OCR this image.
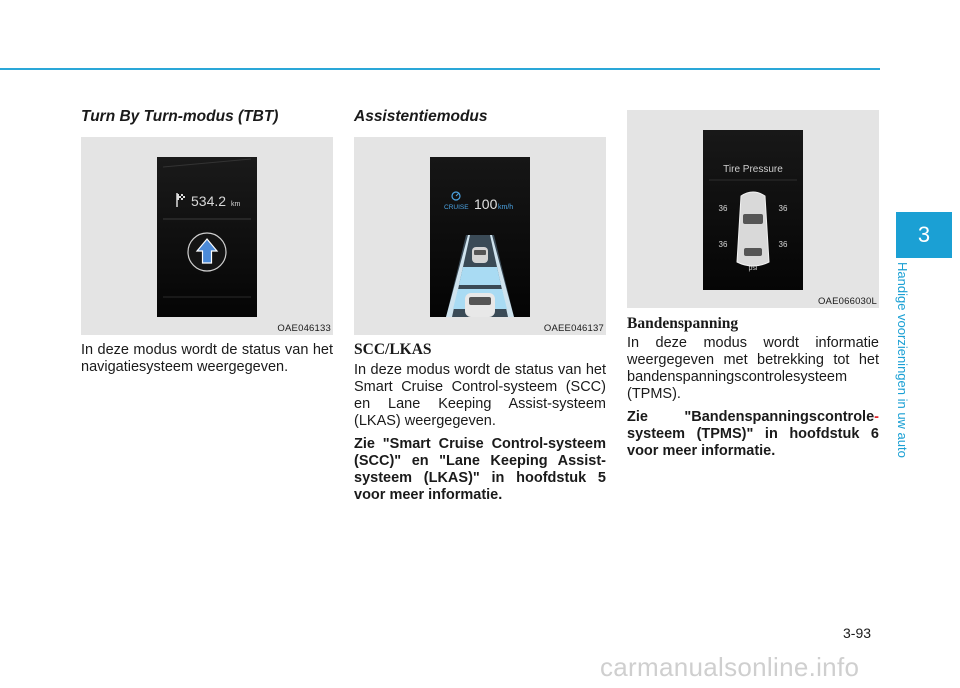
Turn By Turn-modus (TBT)
534.2 km
OAE046133

In deze modus wordt de status van het navigatiesysteem weergegeven.

Assistentiemodus
CRUISE 100 km/h
OAEE046137
SCC/LKAS

In deze modus wordt de status van het Smart Cruise Control-systeem (SCC) en Lane Keeping Assist-systeem (LKAS) weergegeven.

Zie "Smart Cruise Control-systeem (SCC)" en "Lane Keeping Assist-systeem (LKAS)" in hoofdstuk 5 voor meer informatie.

Tire Pressure
36	36
36	36
psi
OAE066030L
Bandenspanning

In deze modus wordt informatie weergegeven met betrekking tot het bandenspanningscontrolesysteem (TPMS).

Zie "Bandenspanningscontrole- systeem (TPMS)" in hoofdstuk 6 voor meer informatie.

3
Handige voorzieningen in uw auto
3-93
carmanualsonline.info
